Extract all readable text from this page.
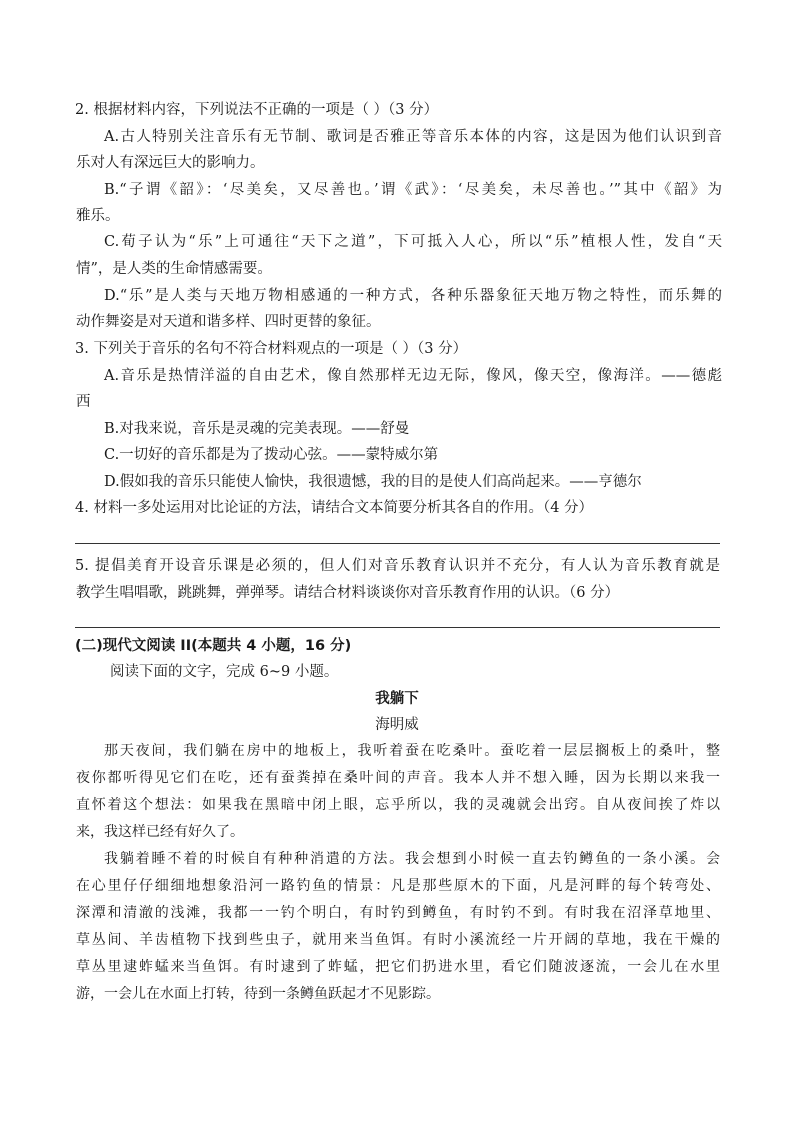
2. 根据材料内容，下列说法不正确的一项是（ ）（3 分）
A.古人特别关注音乐有无节制、歌词是否雅正等音乐本体的内容，这是因为他们认识到音
乐对人有深远巨大的影响力。
B.“子谓《韶》：‘尽美矣，又尽善也。’谓《武》：‘尽美矣，未尽善也。’”其中《韶》为
雅乐。
C.荀子认为“乐”上可通往“天下之道”，下可抵入人心，所以“乐”植根人性，发自“天
情”，是人类的生命情感需要。
D.“乐”是人类与天地万物相感通的一种方式，各种乐器象征天地万物之特性，而乐舞的
动作舞姿是对天道和谐多样、四时更替的象征。
3. 下列关于音乐的名句不符合材料观点的一项是（ ）（3 分）
A.音乐是热情洋溢的自由艺术，像自然那样无边无际，像风，像天空，像海洋。——德彪
西
B.对我来说，音乐是灵魂的完美表现。——舒曼
C.一切好的音乐都是为了拨动心弦。——蒙特威尔第
D.假如我的音乐只能使人愉快，我很遗憾，我的目的是使人们高尚起来。——亨德尔
4. 材料一多处运用对比论证的方法，请结合文本简要分析其各自的作用。（4 分）
5. 提倡美育开设音乐课是必须的，但人们对音乐教育认识并不充分，有人认为音乐教育就是
教学生唱唱歌，跳跳舞，弹弹琴。请结合材料谈谈你对音乐教育作用的认识。（6 分）
(二)现代文阅读 II(本题共 4 小题，16 分)
阅读下面的文字，完成 6~9 小题。
我躺下
海明威
那天夜间，我们躺在房中的地板上，我听着蚕在吃桑叶。蚕吃着一层层搁板上的桑叶，整
夜你都听得见它们在吃，还有蚕粪掉在桑叶间的声音。我本人并不想入睡，因为长期以来我一
直怀着这个想法：如果我在黑暗中闭上眼，忘乎所以，我的灵魂就会出窍。自从夜间挨了炸以
来，我这样已经有好久了。
我躺着睡不着的时候自有种种消遣的方法。我会想到小时候一直去钓鳟鱼的一条小溪。会
在心里仔仔细细地想象沿河一路钓鱼的情景：凡是那些原木的下面，凡是河畔的每个转弯处、
深潭和清澈的浅滩，我都一一钓个明白，有时钓到鳟鱼，有时钓不到。有时我在沼泽草地里、
草丛间、羊齿植物下找到些虫子，就用来当鱼饵。有时小溪流经一片开阔的草地，我在干燥的
草丛里逮蚱蜢来当鱼饵。有时逮到了蚱蜢，把它们扔进水里，看它们随波逐流，一会儿在水里
游，一会儿在水面上打转，待到一条鳟鱼跃起才不见影踪。
